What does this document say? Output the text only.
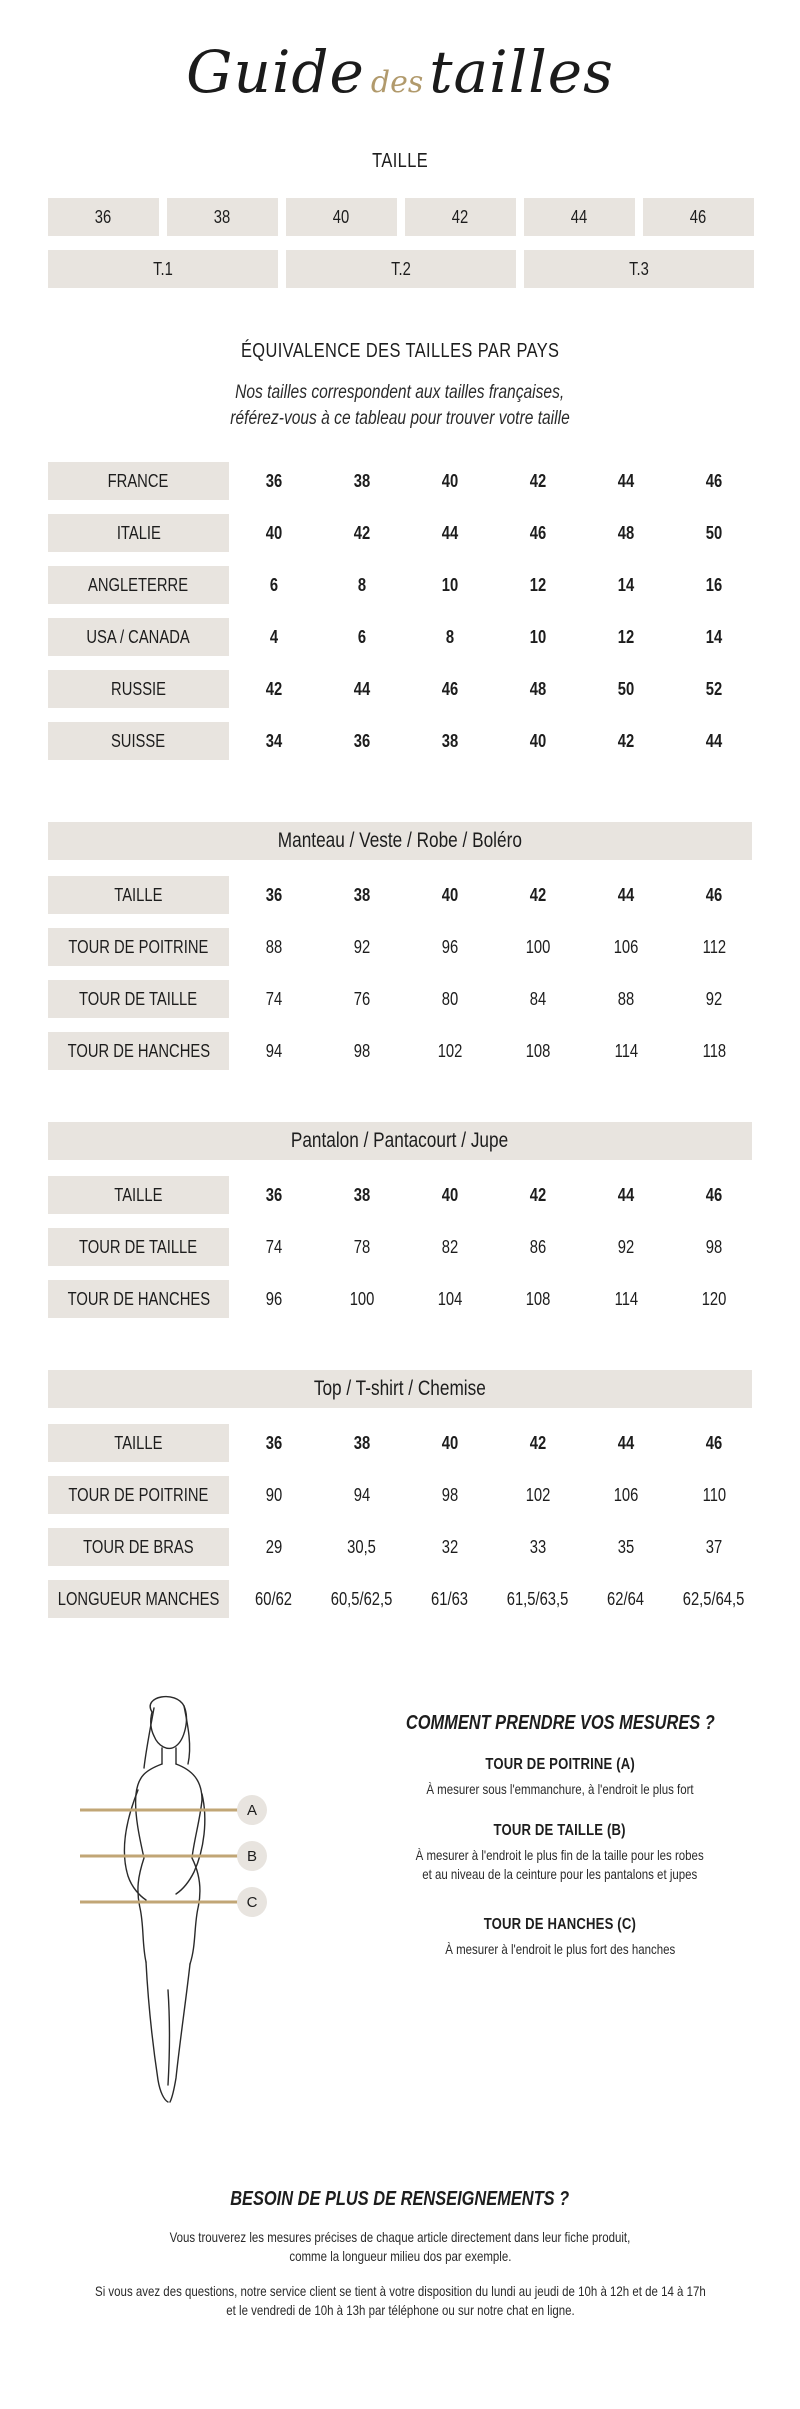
Guide des tailles
TAILLE
36	38	40	42	44	46
T.1	T.2	T.3
ÉQUIVALENCE DES TAILLES PAR PAYS
Nos tailles correspondent aux tailles françaises,
référez-vous à ce tableau pour trouver votre taille
FRANCE	36	38	40	42	44	46
ITALIE	40	42	44	46	48	50
ANGLETERRE	6	8	10	12	14	16
USA / CANADA	4	6	8	10	12	14
RUSSIE	42	44	46	48	50	52
SUISSE	34	36	38	40	42	44
Manteau / Veste / Robe / Boléro
TAILLE	36	38	40	42	44	46
TOUR DE POITRINE	88	92	96	100	106	112
TOUR DE TAILLE	74	76	80	84	88	92
TOUR DE HANCHES	94	98	102	108	114	118
Pantalon / Pantacourt / Jupe
TAILLE	36	38	40	42	44	46
TOUR DE TAILLE	74	78	82	86	92	98
TOUR DE HANCHES	96	100	104	108	114	120
Top / T-shirt / Chemise
TAILLE	36	38	40	42	44	46
TOUR DE POITRINE	90	94	98	102	106	110
TOUR DE BRAS	29	30,5	32	33	35	37
LONGUEUR MANCHES 60/62 60,5/62,5 61/63 61,5/63,5 62/64 62,5/64,5
A
B
C
COMMENT PRENDRE VOS MESURES ?
TOUR DE POITRINE (A)
À mesurer sous l'emmanchure, à l'endroit le plus fort
TOUR DE TAILLE (B)
À mesurer à l'endroit le plus fin de la taille pour les robes
et au niveau de la ceinture pour les pantalons et jupes
TOUR DE HANCHES (C)
À mesurer à l'endroit le plus fort des hanches
BESOIN DE PLUS DE RENSEIGNEMENTS ?
Vous trouverez les mesures précises de chaque article directement dans leur fiche produit,
comme la longueur milieu dos par exemple.
Si vous avez des questions, notre service client se tient à votre disposition du lundi au jeudi de 10h à 12h et de 14 à 17h
et le vendredi de 10h à 13h par téléphone ou sur notre chat en ligne.
